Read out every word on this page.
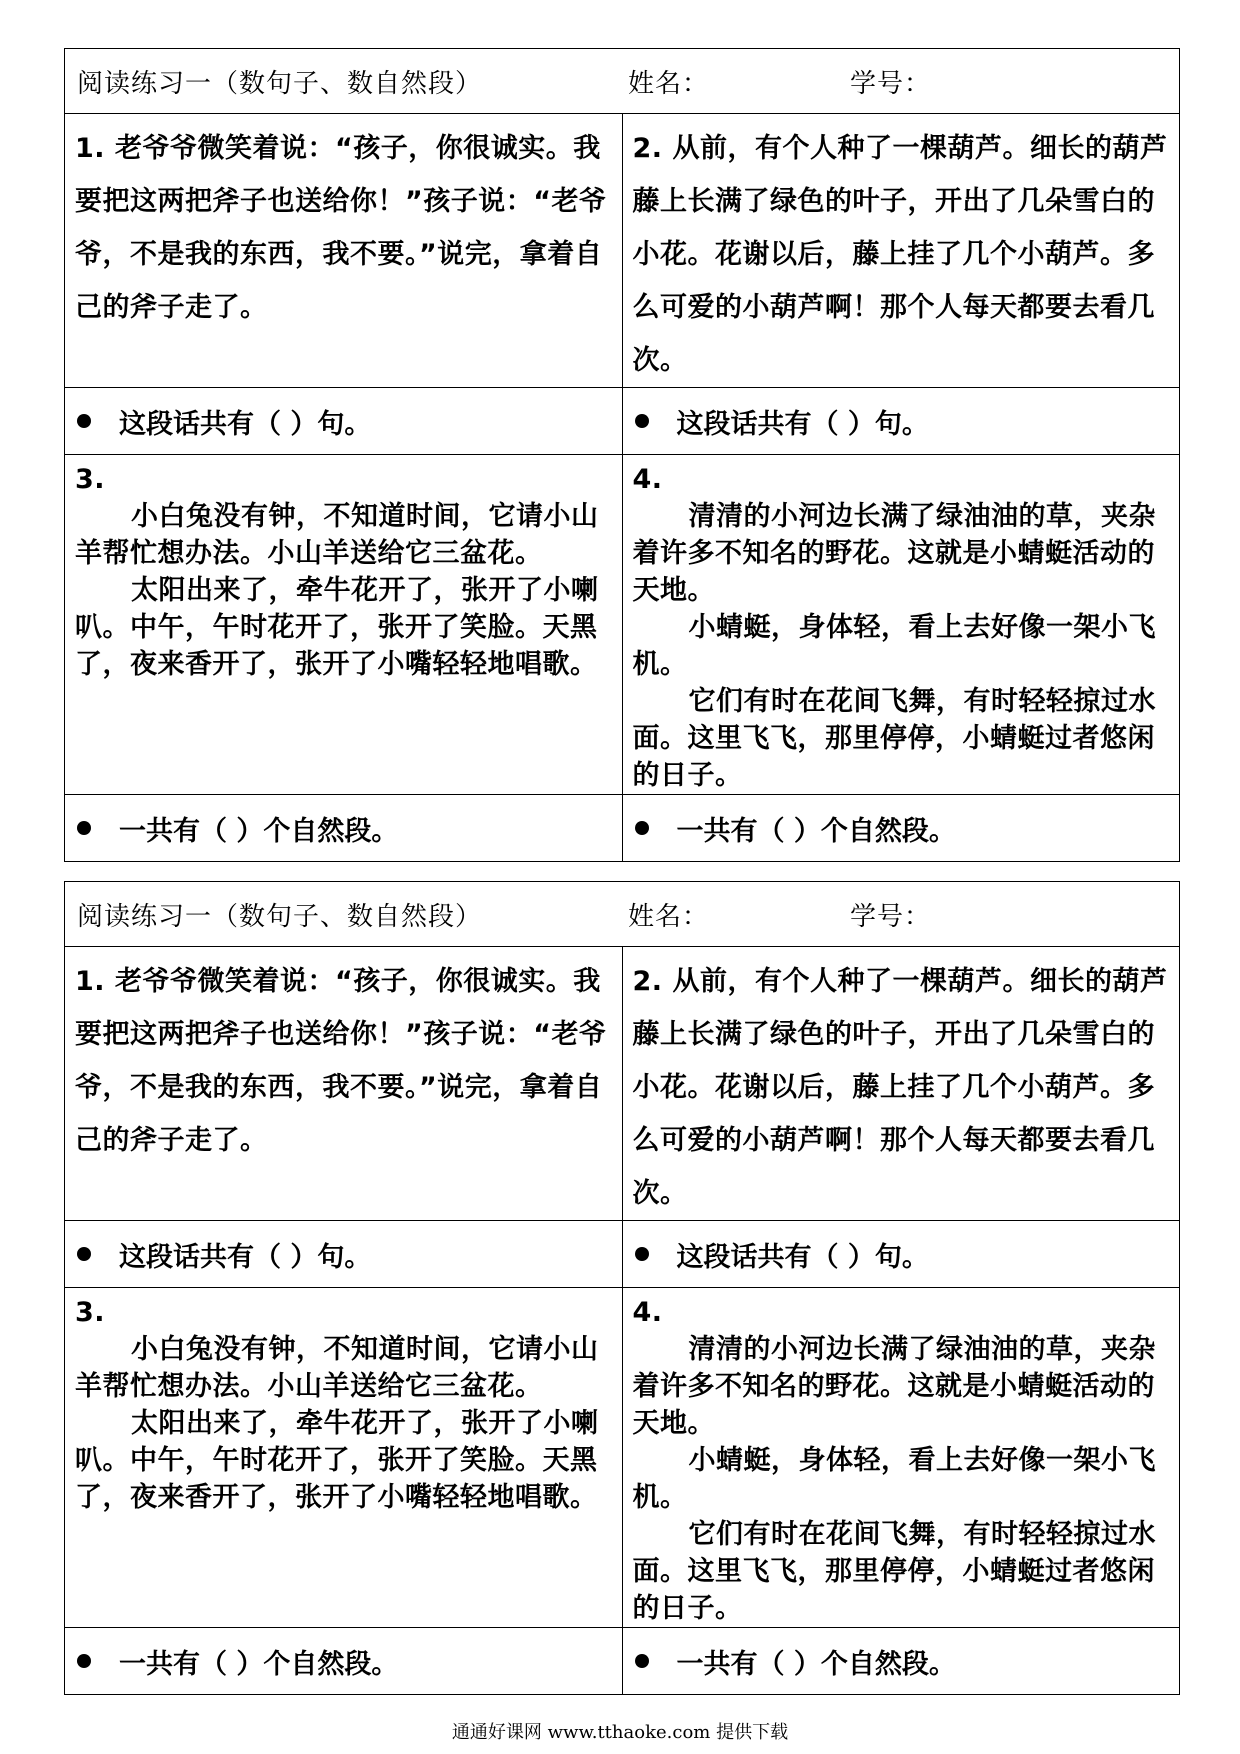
阅读练习一（数句子、数自然段） 姓名： 学号：	

1. 老爷爷微笑着说：“孩子，你很诚实。我要把这两把斧子也送给你！”孩子说：“老爷爷，不是我的东西，我不要。”说完，拿着自己的斧子走了。	2. 从前，有个人种了一棵葫芦。细长的葫芦藤上长满了绿色的叶子，开出了几朵雪白的小花。花谢以后，藤上挂了几个小葫芦。多么可爱的小葫芦啊！那个人每天都要去看几次。

这段话共有（ ）句。	这段话共有（ ）句。

3.
小白兔没有钟，不知道时间，它请小山羊帮忙想办法。小山羊送给它三盆花。
太阳出来了，牵牛花开了，张开了小喇叭。中午，午时花开了，张开了笑脸。天黑了，夜来香开了，张开了小嘴轻轻地唱歌。	4.
清清的小河边长满了绿油油的草，夹杂着许多不知名的野花。这就是小蜻蜓活动的天地。
小蜻蜓，身体轻，看上去好像一架小飞机。
它们有时在花间飞舞，有时轻轻掠过水面。这里飞飞，那里停停，小蜻蜓过者悠闲的日子。

一共有（ ）个自然段。	一共有（ ）个自然段。
阅读练习一（数句子、数自然段） 姓名： 学号：	

1. 老爷爷微笑着说：“孩子，你很诚实。我要把这两把斧子也送给你！”孩子说：“老爷爷，不是我的东西，我不要。”说完，拿着自己的斧子走了。	2. 从前，有个人种了一棵葫芦。细长的葫芦藤上长满了绿色的叶子，开出了几朵雪白的小花。花谢以后，藤上挂了几个小葫芦。多么可爱的小葫芦啊！那个人每天都要去看几次。

这段话共有（ ）句。	这段话共有（ ）句。

3.
小白兔没有钟，不知道时间，它请小山羊帮忙想办法。小山羊送给它三盆花。
太阳出来了，牵牛花开了，张开了小喇叭。中午，午时花开了，张开了笑脸。天黑了，夜来香开了，张开了小嘴轻轻地唱歌。	4.
清清的小河边长满了绿油油的草，夹杂着许多不知名的野花。这就是小蜻蜓活动的天地。
小蜻蜓，身体轻，看上去好像一架小飞机。
它们有时在花间飞舞，有时轻轻掠过水面。这里飞飞，那里停停，小蜻蜓过者悠闲的日子。

一共有（ ）个自然段。	一共有（ ）个自然段。
通通好课网 www.tthaoke.com 提供下载
